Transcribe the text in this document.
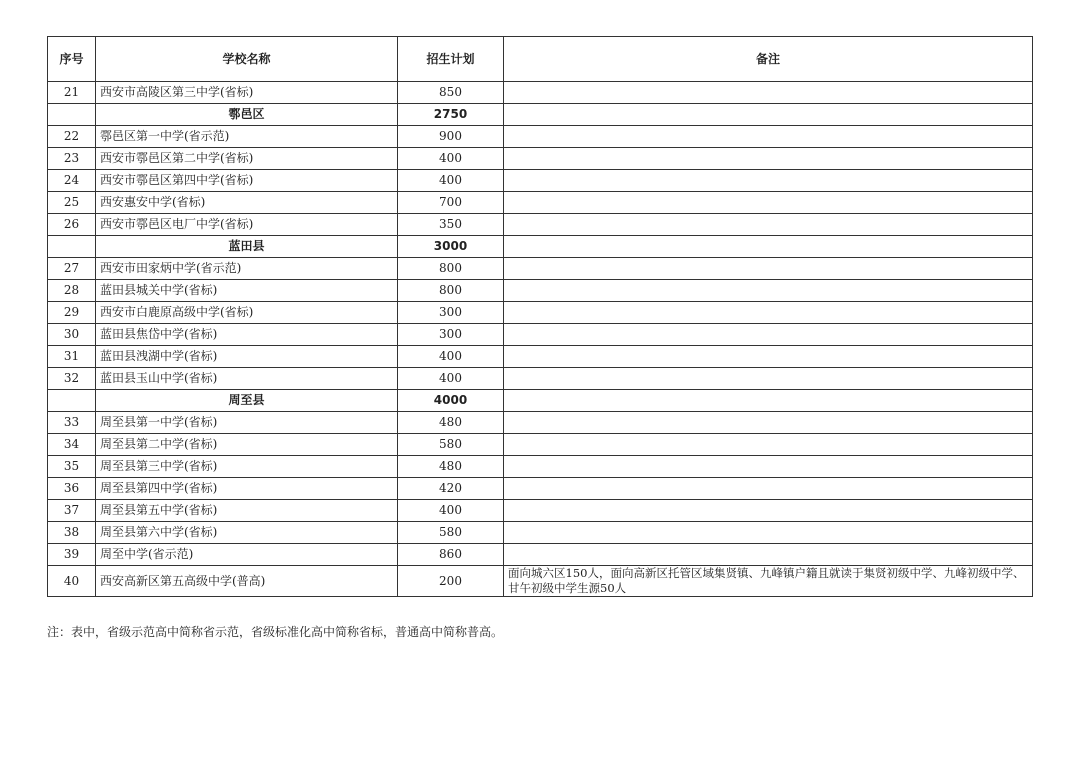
序号	学校名称	招生计划	备注
21	西安市高陵区第三中学(省标)	850	
	鄠邑区	2750	
22	鄠邑区第一中学(省示范)	900	
23	西安市鄠邑区第二中学(省标)	400	
24	西安市鄠邑区第四中学(省标)	400	
25	西安惠安中学(省标)	700	
26	西安市鄠邑区电厂中学(省标)	350	
	蓝田县	3000	
27	西安市田家炳中学(省示范)	800	
28	蓝田县城关中学(省标)	800	
29	西安市白鹿原高级中学(省标)	300	
30	蓝田县焦岱中学(省标)	300	
31	蓝田县洩湖中学(省标)	400	
32	蓝田县玉山中学(省标)	400	
	周至县	4000	
33	周至县第一中学(省标)	480	
34	周至县第二中学(省标)	580	
35	周至县第三中学(省标)	480	
36	周至县第四中学(省标)	420	
37	周至县第五中学(省标)	400	
38	周至县第六中学(省标)	580	
39	周至中学(省示范)	860	
40	西安高新区第五高级中学(普高)	200	面向城六区150人，面向高新区托管区域集贤镇、九峰镇户籍且就读于集贤初级中学、九峰初级中学、甘午初级中学生源50人
注：表中，省级示范高中简称省示范，省级标准化高中简称省标，普通高中简称普高。
